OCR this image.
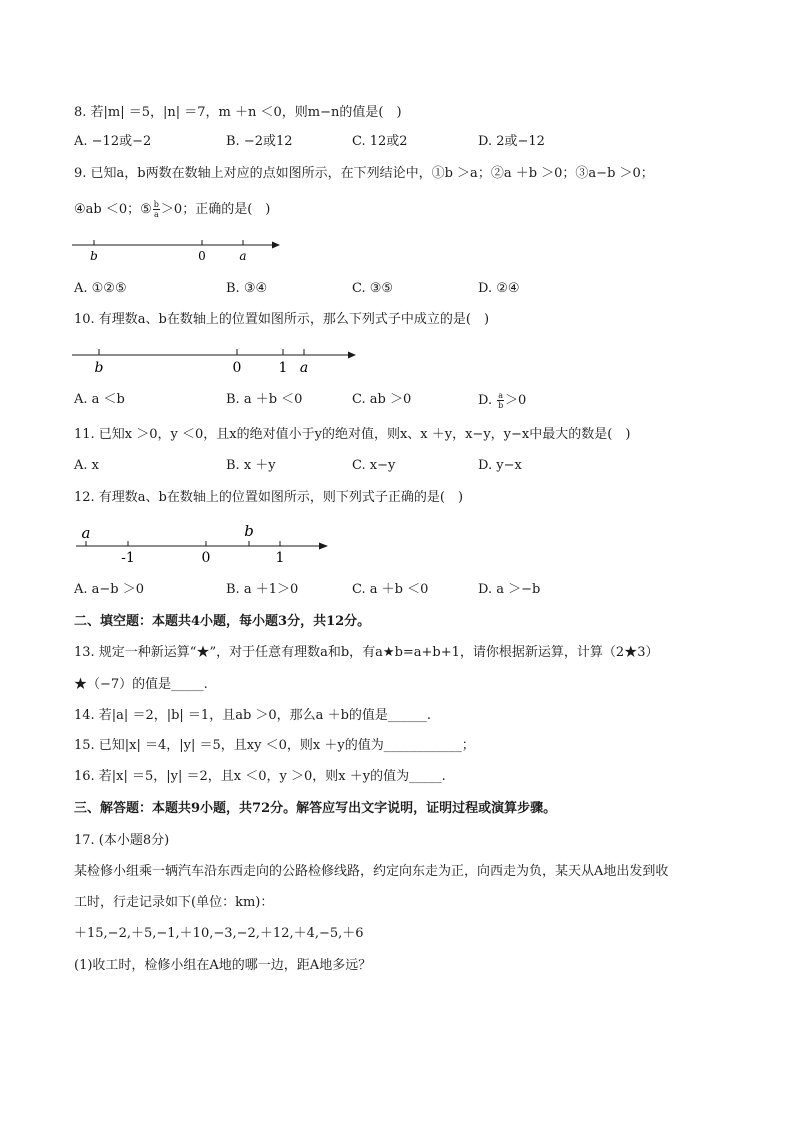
8. 若|m| ＝5，|n| ＝7，m ＋n ＜0，则m−n的值是(　)
A. −12或−2	B. −2或12	C. 12或2	D. 2或−12
9. 已知a，b两数在数轴上对应的点如图所示，在下列结论中，①b ＞a；②a ＋b ＞0；③a−b ＞0；
④ab ＜0；⑤ $\frac{b}{a} >0$；正确的是(　)
b	0	a
A. ①②⑤	B. ③④	C. ③⑤	D. ②④
10. 有理数a、b在数轴上的位置如图所示，那么下列式子中成立的是(　)
b	0	1 a
A. a ＜b	B. a ＋b ＜0	C. ab ＞0	D. $\frac{a}{b} >0$
11. 已知x ＞0，y ＜0，且x的绝对值小于y的绝对值，则x、x ＋y，x−y，y−x中最大的数是(　)
A. x	B. x ＋y	C. x−y	D. y−x
12. 有理数a、b在数轴上的位置如图所示，则下列式子正确的是(　)
a	b
-1	0	1
A. a−b ＞0	B. a ＋1＞0	C. a ＋b ＜0	D. a ＞−b
二、填空题：本题共4小题，每小题3分，共12分。
13. 规定一种新运算“★”，对于任意有理数a和b，有a★b=a+b+1，请你根据新运算，计算（2★3）
★（−7）的值是_____.
14. 若|a| ＝2，|b| ＝1，且ab ＞0，那么a ＋b的值是______.
15. 已知|x| ＝4，|y| ＝5，且xy ＜0，则x ＋y的值为____________；
16. 若|x| ＝5，|y| ＝2，且x ＜0，y ＞0，则x ＋y的值为_____.
三、解答题：本题共9小题，共72分。解答应写出文字说明，证明过程或演算步骤。
17. (本小题8分)
某检修小组乘一辆汽车沿东西走向的公路检修线路，约定向东走为正，向西走为负，某天从A地出发到收
工时，行走记录如下(单位：km)：
＋15,−2,＋5,−1,＋10,−3,−2,＋12,＋4,−5,＋6
(1)收工时，检修小组在A地的哪一边，距A地多远？
